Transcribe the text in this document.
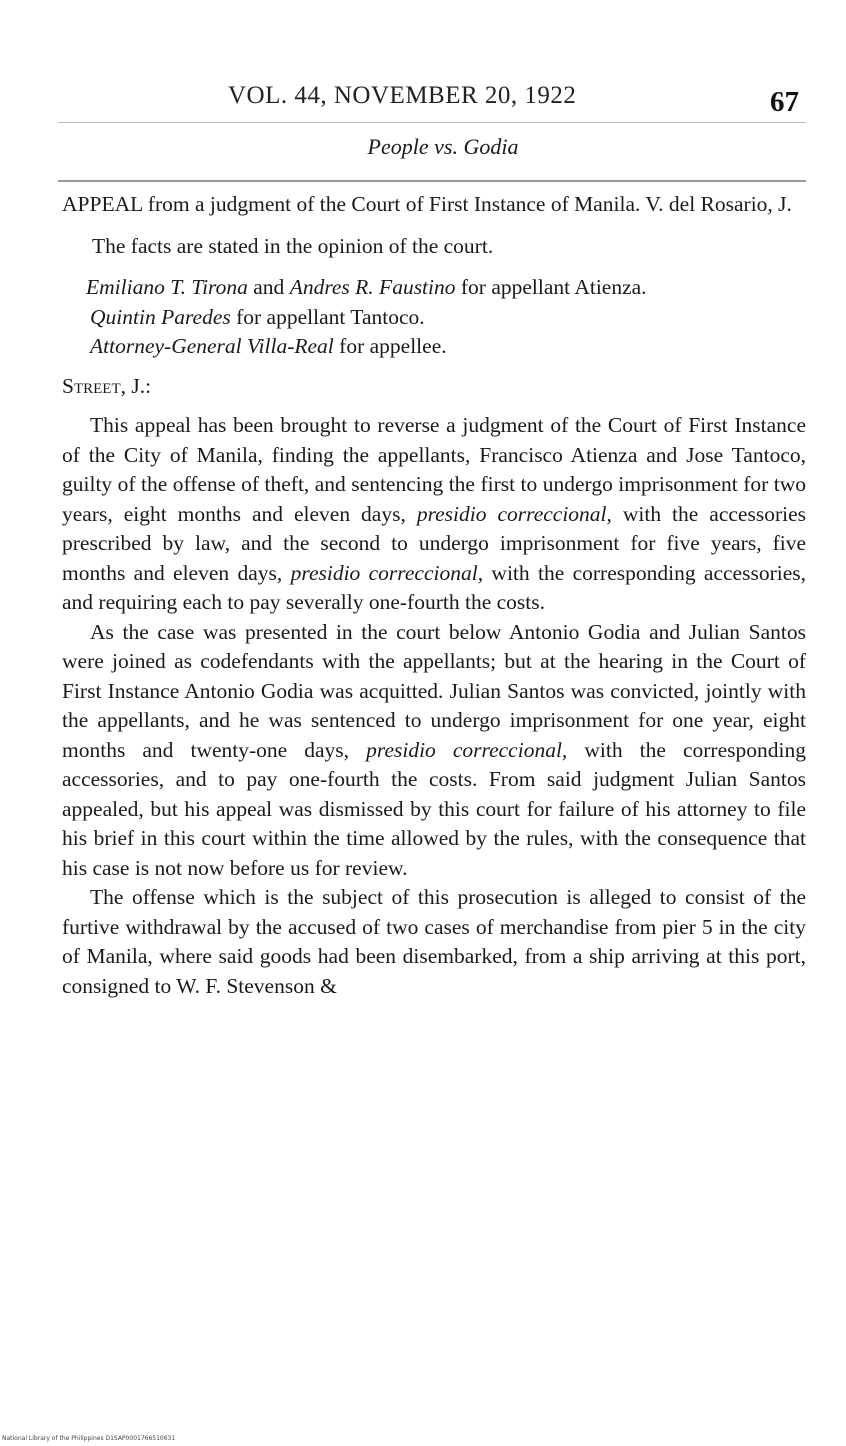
VOL. 44, NOVEMBER 20, 1922	67
People vs. Godia

APPEAL from a judgment of the Court of First Instance of Manila. V. del Rosario, J.

The facts are stated in the opinion of the court.

Emiliano T. Tirona and Andres R. Faustino for appellant Atienza.

Quintin Paredes for appellant Tantoco.

Attorney-General Villa-Real for appellee.

Street, J.:

This appeal has been brought to reverse a judgment of the Court of First Instance of the City of Manila, finding the appellants, Francisco Atienza and Jose Tantoco, guilty of the offense of theft, and sentencing the first to undergo imprisonment for two years, eight months and eleven days, presidio correccional, with the accessories prescribed by law, and the second to undergo imprisonment for five years, five months and eleven days, presidio correccional, with the corresponding accessories, and requiring each to pay severally one-fourth the costs.

As the case was presented in the court below Antonio Godia and Julian Santos were joined as codefendants with the appellants; but at the hearing in the Court of First Instance Antonio Godia was acquitted. Julian Santos was convicted, jointly with the appellants, and he was sentenced to undergo imprisonment for one year, eight months and twenty-one days, presidio correccional, with the corresponding accessories, and to pay one-fourth the costs. From said judgment Julian Santos appealed, but his appeal was dismissed by this court for failure of his attorney to file his brief in this court within the time allowed by the rules, with the consequence that his case is not now before us for review.

The offense which is the subject of this prosecution is alleged to consist of the furtive withdrawal by the accused of two cases of merchandise from pier 5 in the city of Manila, where said goods had been disembarked, from a ship arriving at this port, consigned to W. F. Stevenson &

National Library of the Philippines D1SAP0001766510631
